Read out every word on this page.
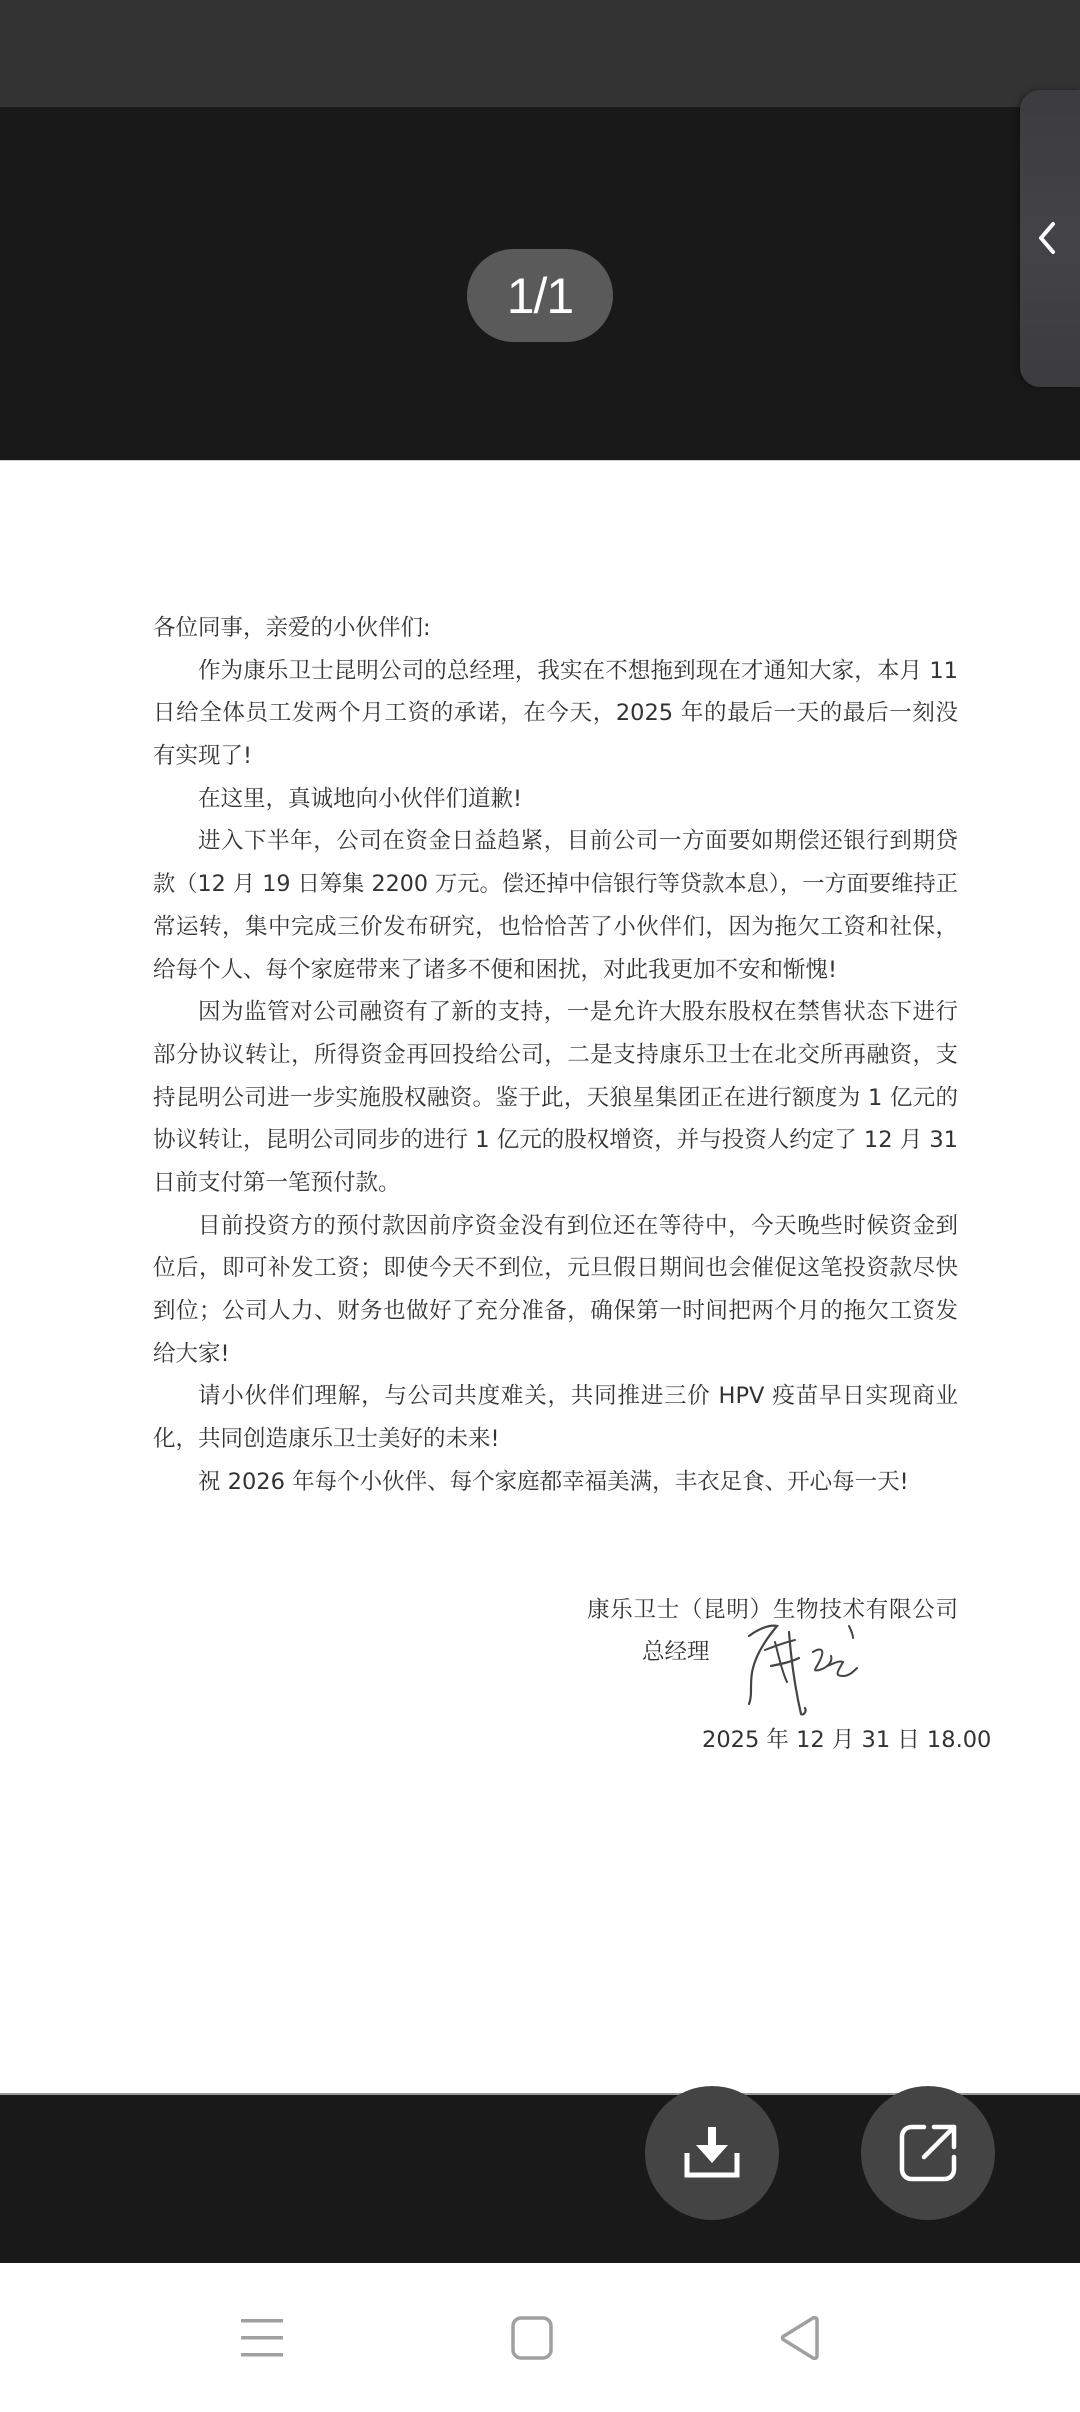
1/1
各位同事，亲爱的小伙伴们:
作为康乐卫士昆明公司的总经理，我实在不想拖到现在才通知大家，本月 11
日给全体员工发两个月工资的承诺，在今天，2025 年的最后一天的最后一刻没
有实现了!
在这里，真诚地向小伙伴们道歉!
进入下半年，公司在资金日益趋紧，目前公司一方面要如期偿还银行到期贷
款（12 月 19 日筹集 2200 万元。偿还掉中信银行等贷款本息），一方面要维持正
常运转，集中完成三价发布研究，也恰恰苦了小伙伴们，因为拖欠工资和社保，
给每个人、每个家庭带来了诸多不便和困扰，对此我更加不安和惭愧!
因为监管对公司融资有了新的支持，一是允许大股东股权在禁售状态下进行
部分协议转让，所得资金再回投给公司，二是支持康乐卫士在北交所再融资，支
持昆明公司进一步实施股权融资。鉴于此，天狼星集团正在进行额度为 1 亿元的
协议转让，昆明公司同步的进行 1 亿元的股权增资，并与投资人约定了 12 月 31
日前支付第一笔预付款。
目前投资方的预付款因前序资金没有到位还在等待中，今天晚些时候资金到
位后，即可补发工资；即使今天不到位，元旦假日期间也会催促这笔投资款尽快
到位；公司人力、财务也做好了充分准备，确保第一时间把两个月的拖欠工资发
给大家!
请小伙伴们理解，与公司共度难关，共同推进三价 HPV 疫苗早日实现商业
化，共同创造康乐卫士美好的未来!
祝 2026 年每个小伙伴、每个家庭都幸福美满，丰衣足食、开心每一天!
康乐卫士（昆明）生物技术有限公司
总经理
2025 年 12 月 31 日 18.00
